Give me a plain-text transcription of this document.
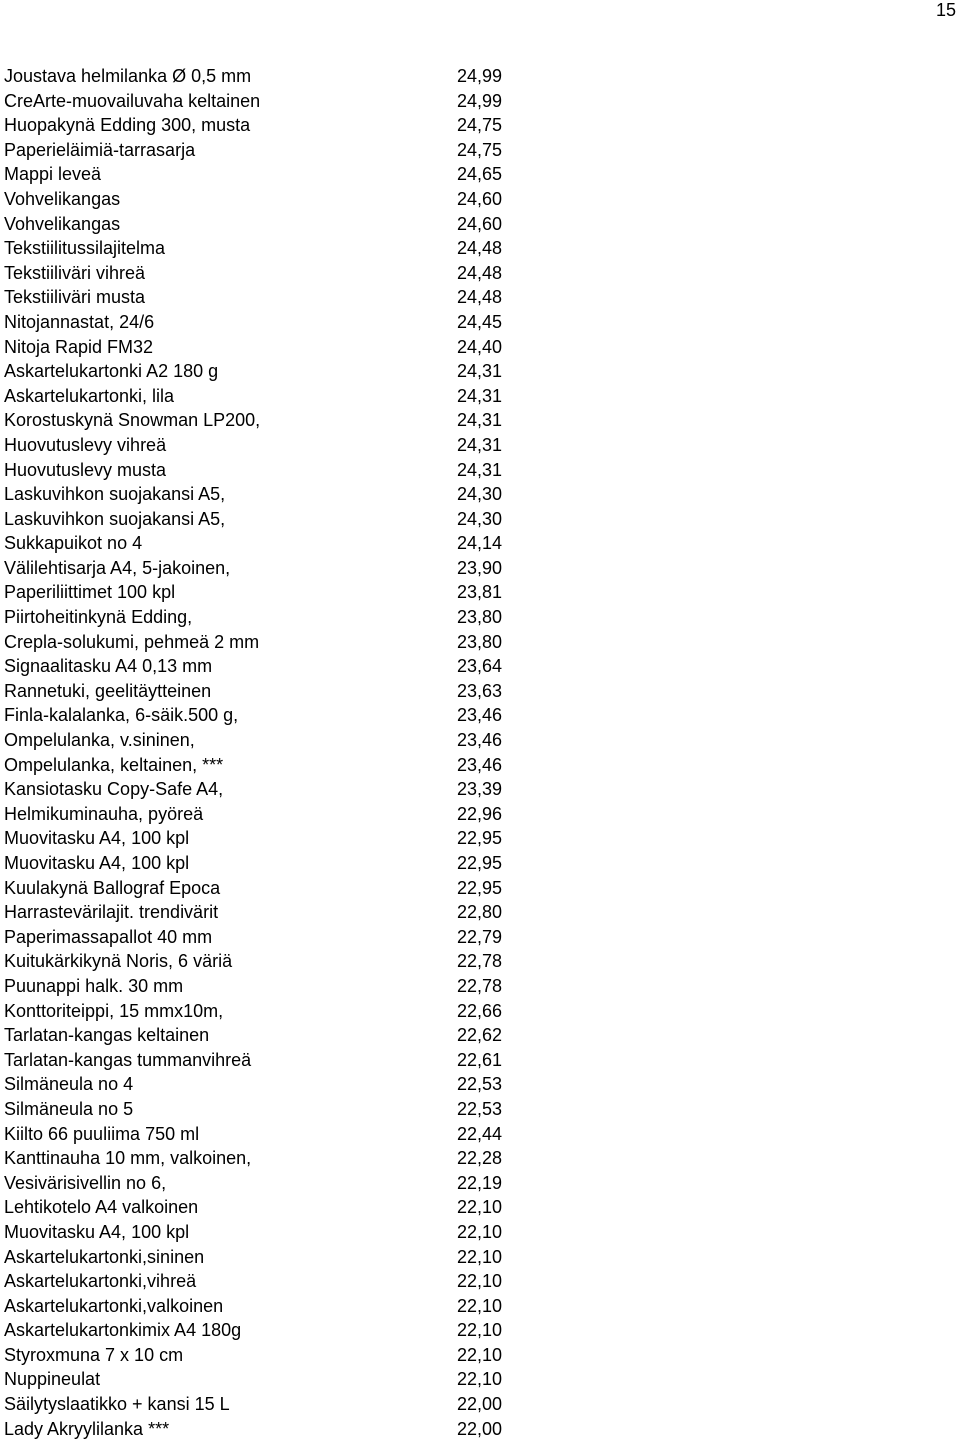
15
Joustava helmilanka Ø 0,5 mm	24,99
CreArte-muovailuvaha keltainen	24,99
Huopakynä Edding 300, musta	24,75
Paperieläimiä-tarrasarja	24,75
Mappi leveä	24,65
Vohvelikangas	24,60
Vohvelikangas	24,60
Tekstiilitussilajitelma	24,48
Tekstiiliväri vihreä	24,48
Tekstiiliväri musta	24,48
Nitojannastat, 24/6	24,45
Nitoja Rapid FM32	24,40
Askartelukartonki A2 180 g	24,31
Askartelukartonki, lila	24,31
Korostuskynä Snowman LP200,	24,31
Huovutuslevy vihreä	24,31
Huovutuslevy musta	24,31
Laskuvihkon suojakansi A5,	24,30
Laskuvihkon suojakansi A5,	24,30
Sukkapuikot no 4	24,14
Välilehtisarja A4, 5-jakoinen,	23,90
Paperiliittimet 100 kpl	23,81
Piirtoheitinkynä Edding,	23,80
Crepla-solukumi, pehmeä 2 mm	23,80
Signaalitasku A4 0,13 mm	23,64
Rannetuki, geelitäytteinen	23,63
Finla-kalalanka, 6-säik.500 g,	23,46
Ompelulanka, v.sininen,	23,46
Ompelulanka, keltainen, ***	23,46
Kansiotasku Copy-Safe A4,	23,39
Helmikuminauha, pyöreä	22,96
Muovitasku A4, 100 kpl	22,95
Muovitasku A4, 100 kpl	22,95
Kuulakynä Ballograf Epoca	22,95
Harrastevärilajit. trendivärit	22,80
Paperimassapallot 40 mm	22,79
Kuitukärkikynä Noris, 6 väriä	22,78
Puunappi halk. 30 mm	22,78
Konttoriteippi, 15 mmx10m,	22,66
Tarlatan-kangas keltainen	22,62
Tarlatan-kangas tummanvihreä	22,61
Silmäneula no 4	22,53
Silmäneula no 5	22,53
Kiilto 66 puuliima 750 ml	22,44
Kanttinauha 10 mm, valkoinen,	22,28
Vesivärisivellin no 6,	22,19
Lehtikotelo A4 valkoinen	22,10
Muovitasku A4, 100 kpl	22,10
Askartelukartonki,sininen	22,10
Askartelukartonki,vihreä	22,10
Askartelukartonki,valkoinen	22,10
Askartelukartonkimix A4 180g	22,10
Styroxmuna 7 x 10 cm	22,10
Nuppineulat	22,10
Säilytyslaatikko + kansi 15 L	22,00
Lady Akryylilanka ***	22,00
